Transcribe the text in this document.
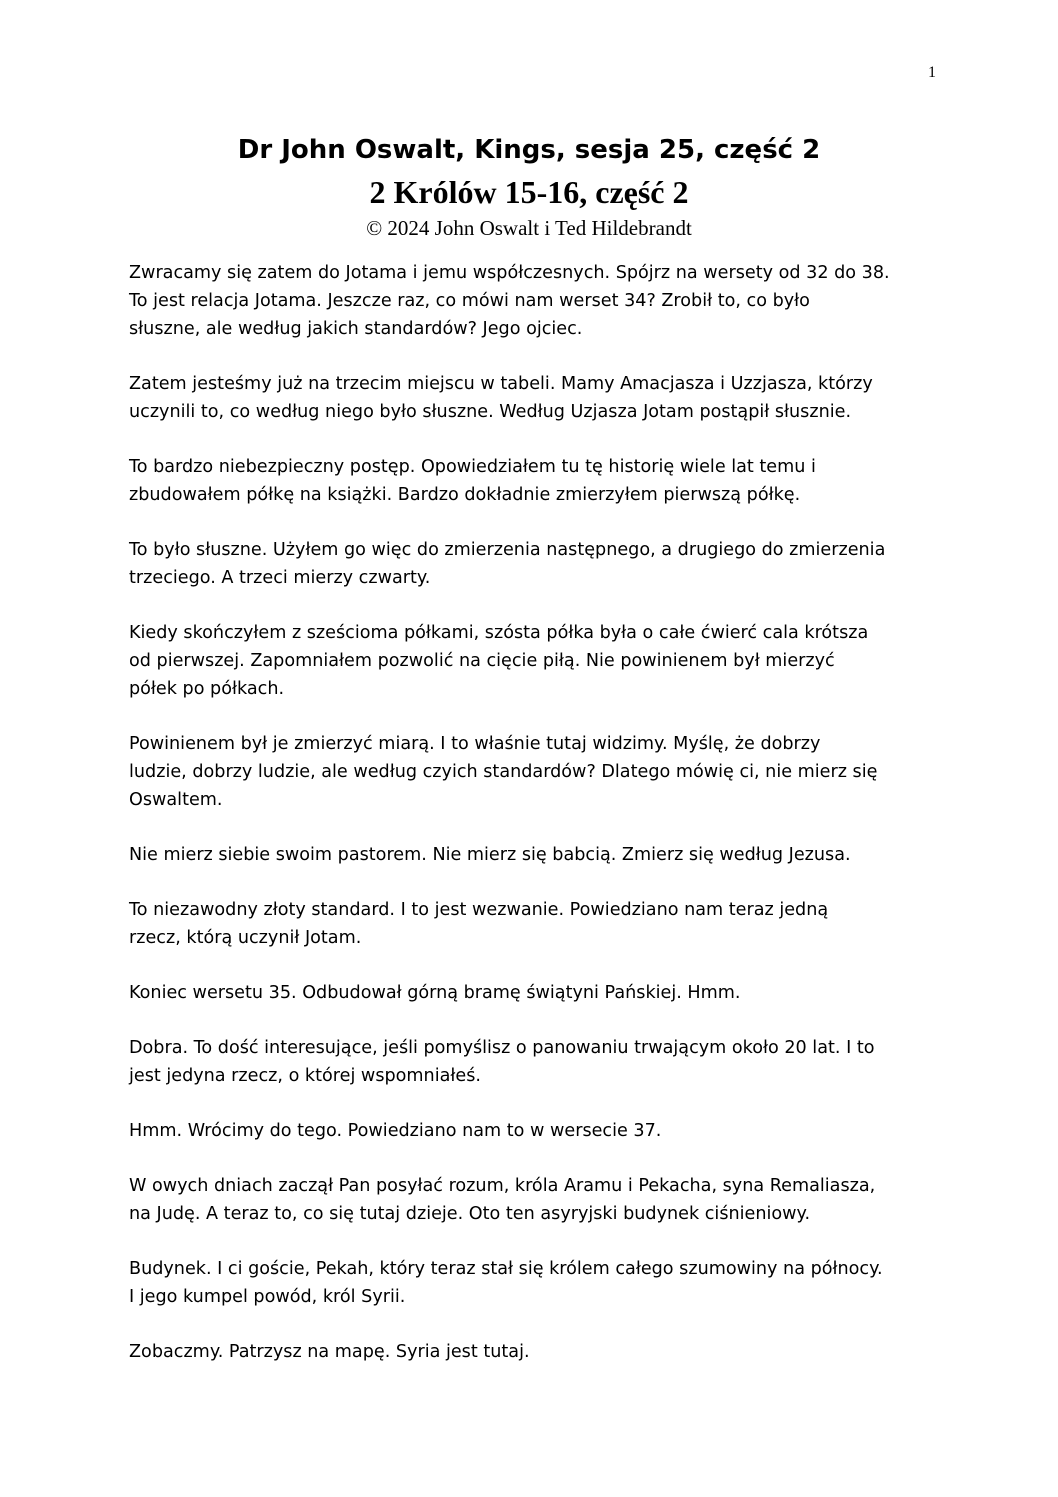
1
Dr John Oswalt, Kings, sesja 25, część 2
2 Królów 15-16, część 2
© 2024 John Oswalt i Ted Hildebrandt

Zwracamy się zatem do Jotama i jemu współczesnych. Spójrz na wersety od 32 do 38.
To jest relacja Jotama. Jeszcze raz, co mówi nam werset 34? Zrobił to, co było
słuszne, ale według jakich standardów? Jego ojciec.

Zatem jesteśmy już na trzecim miejscu w tabeli. Mamy Amacjasza i Uzzjasza, którzy
uczynili to, co według niego było słuszne. Według Uzjasza Jotam postąpił słusznie.

To bardzo niebezpieczny postęp. Opowiedziałem tu tę historię wiele lat temu i
zbudowałem półkę na książki. Bardzo dokładnie zmierzyłem pierwszą półkę.

To było słuszne. Użyłem go więc do zmierzenia następnego, a drugiego do zmierzenia
trzeciego. A trzeci mierzy czwarty.

Kiedy skończyłem z sześcioma półkami, szósta półka była o całe ćwierć cala krótsza
od pierwszej. Zapomniałem pozwolić na cięcie piłą. Nie powinienem był mierzyć
półek po półkach.

Powinienem był je zmierzyć miarą. I to właśnie tutaj widzimy. Myślę, że dobrzy
ludzie, dobrzy ludzie, ale według czyich standardów? Dlatego mówię ci, nie mierz się
Oswaltem.

Nie mierz siebie swoim pastorem. Nie mierz się babcią. Zmierz się według Jezusa.

To niezawodny złoty standard. I to jest wezwanie. Powiedziano nam teraz jedną
rzecz, którą uczynił Jotam.

Koniec wersetu 35. Odbudował górną bramę świątyni Pańskiej. Hmm.

Dobra. To dość interesujące, jeśli pomyślisz o panowaniu trwającym około 20 lat. I to
jest jedyna rzecz, o której wspomniałeś.

Hmm. Wrócimy do tego. Powiedziano nam to w wersecie 37.

W owych dniach zaczął Pan posyłać rozum, króla Aramu i Pekacha, syna Remaliasza,
na Judę. A teraz to, co się tutaj dzieje. Oto ten asyryjski budynek ciśnieniowy.

Budynek. I ci goście, Pekah, który teraz stał się królem całego szumowiny na północy.
I jego kumpel powód, król Syrii.

Zobaczmy. Patrzysz na mapę. Syria jest tutaj.
